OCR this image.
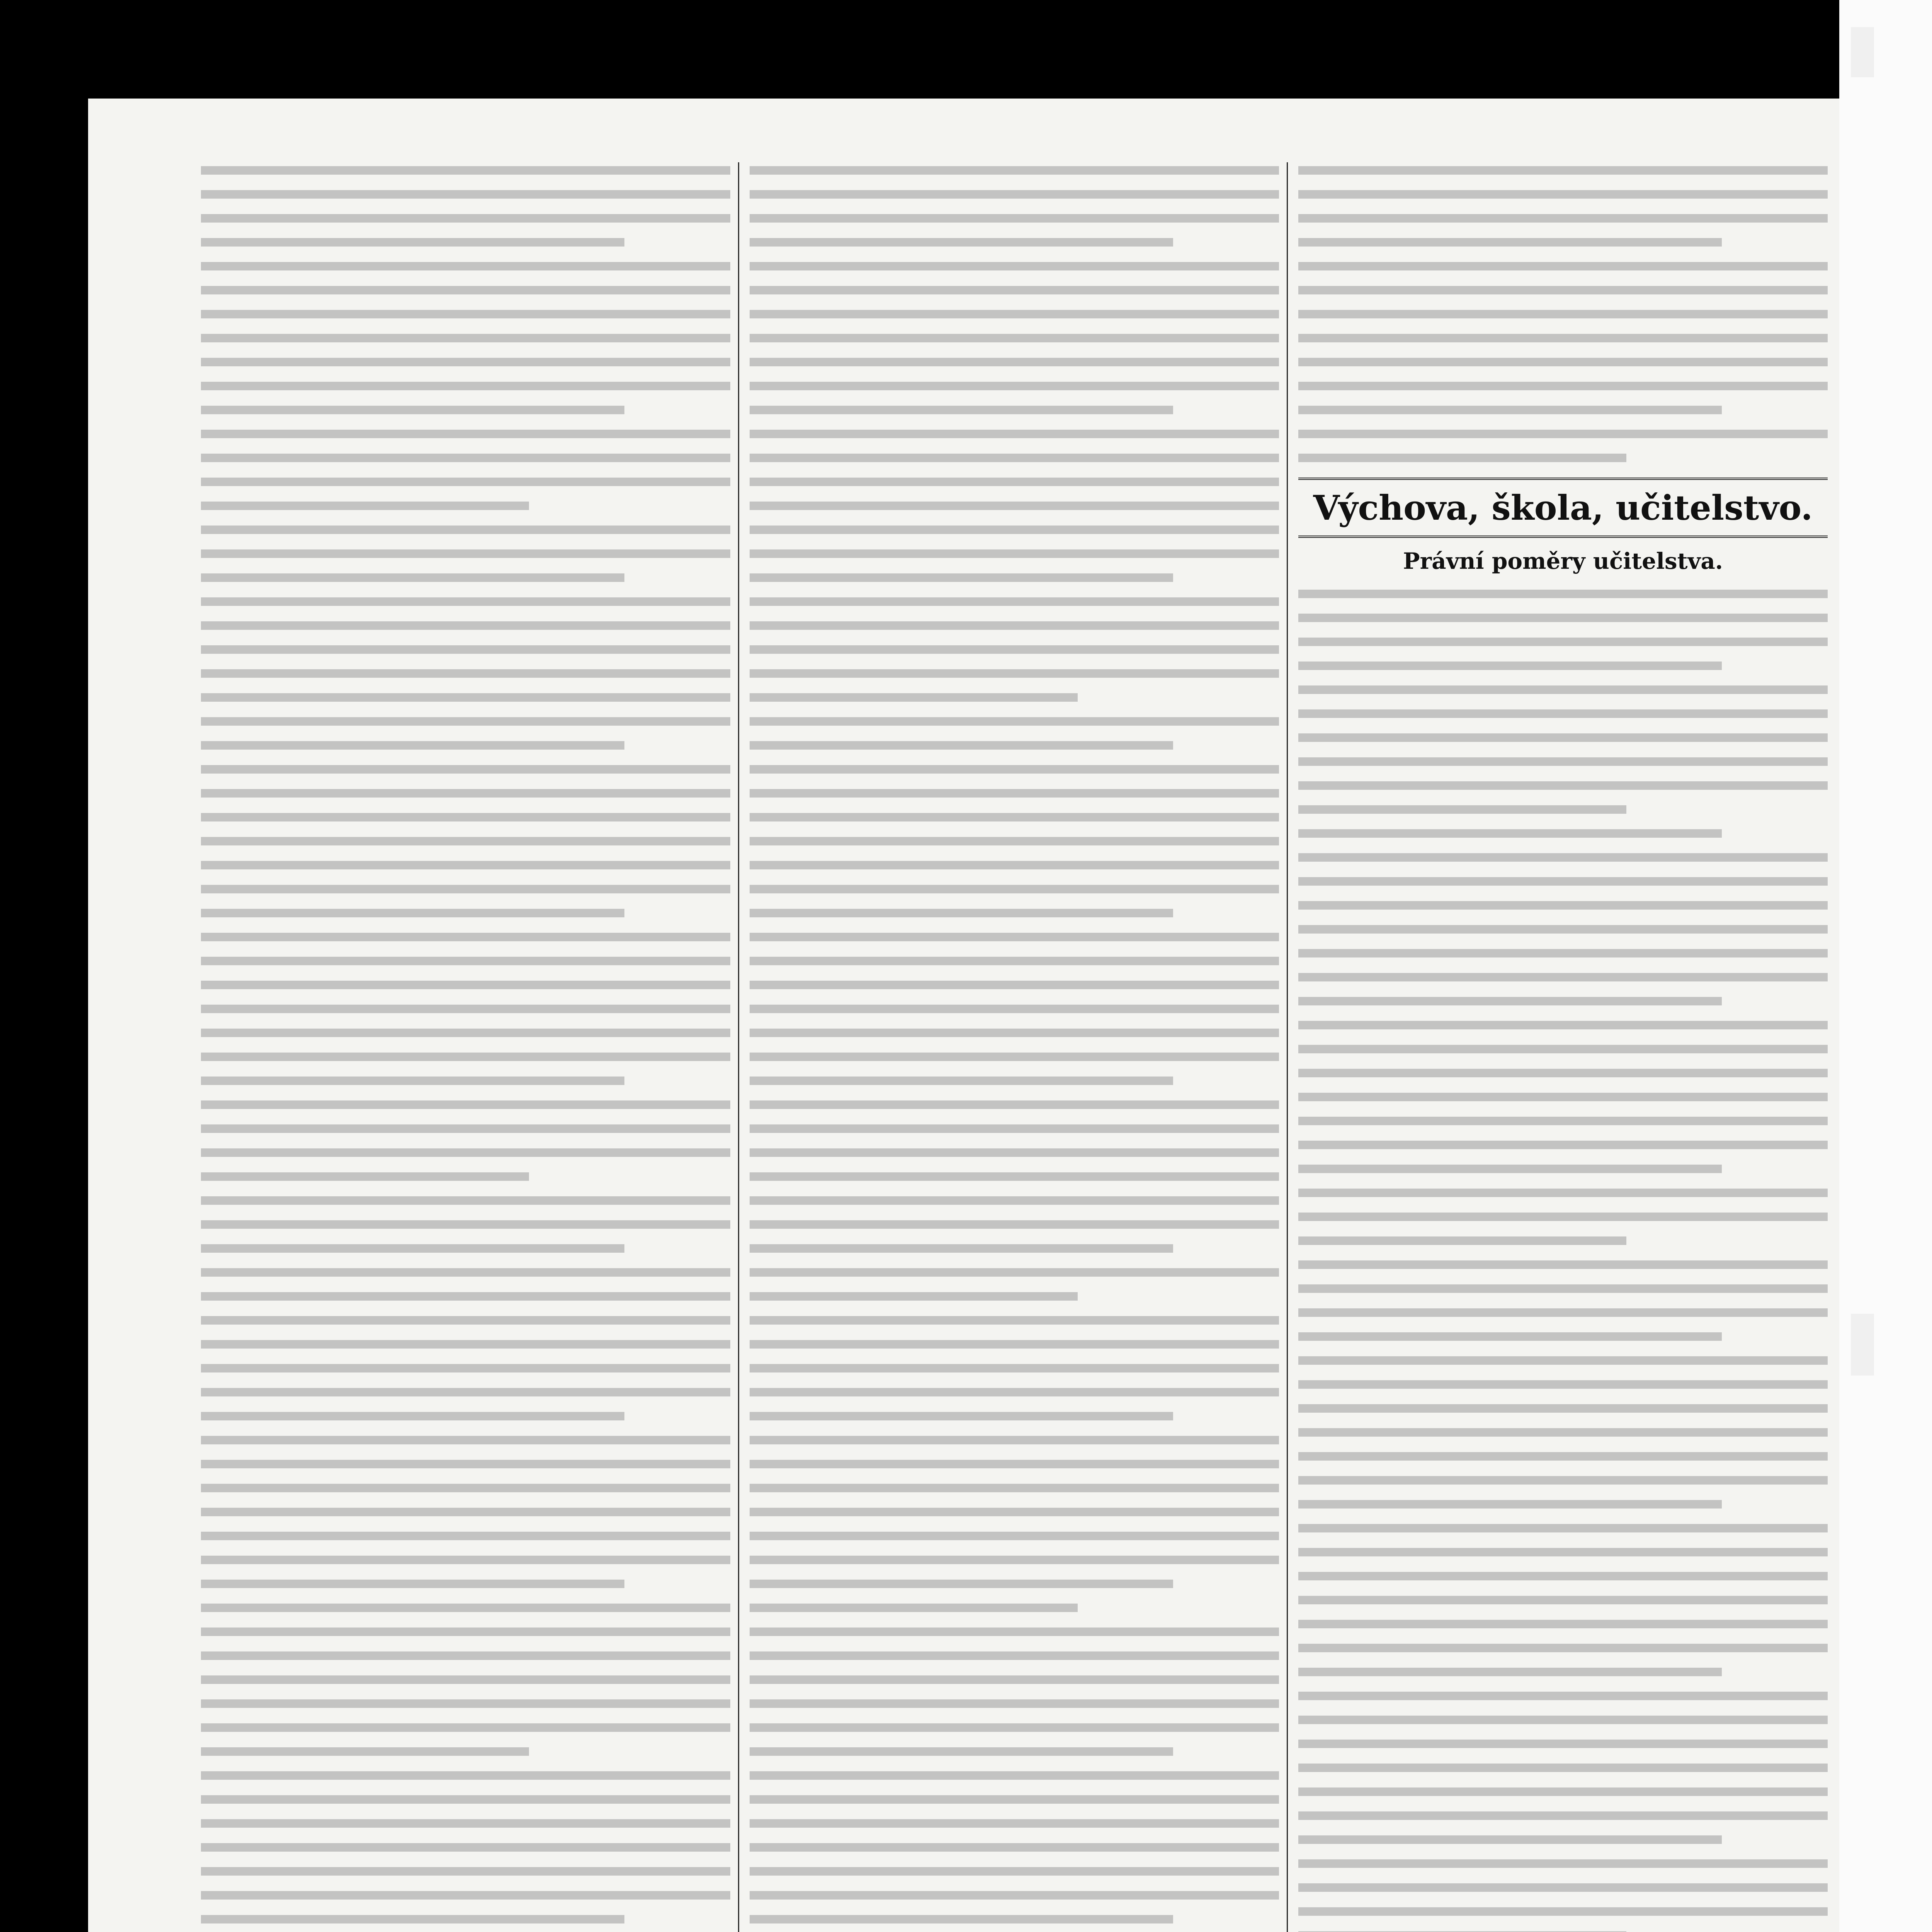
Výchova, škola, učitelstvo.
Právní poměry učitelstva.
